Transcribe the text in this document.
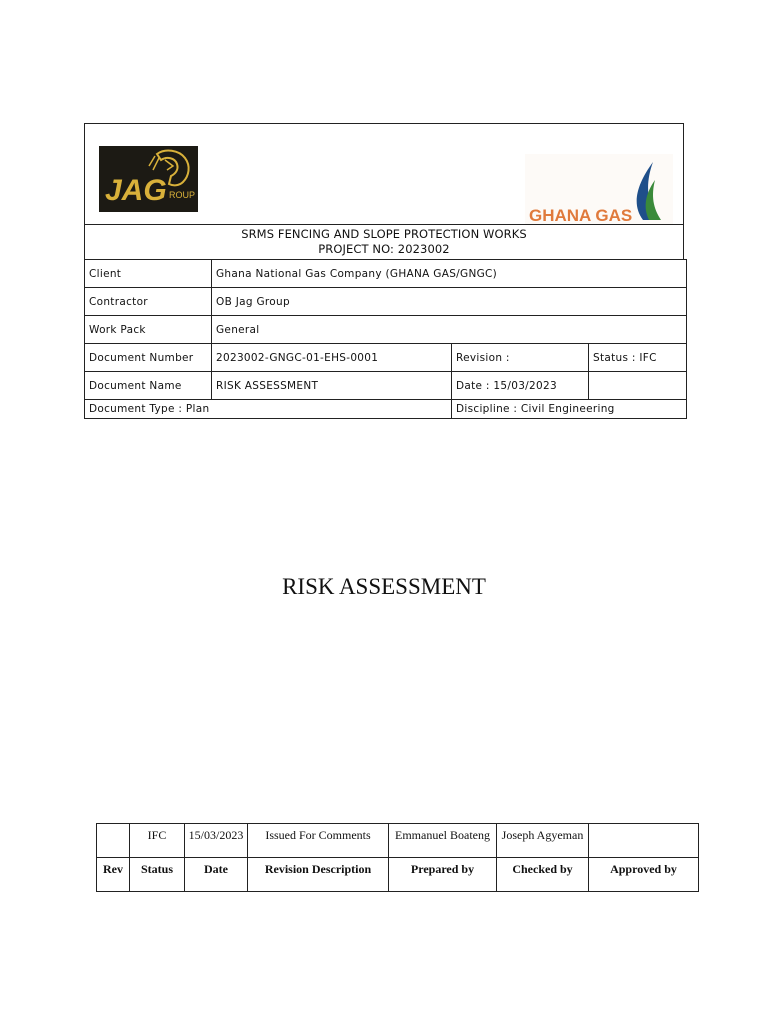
JAG ROUP
GHANA GAS
SRMS FENCING AND SLOPE PROTECTION WORKS
PROJECT NO: 2023002
Client	Ghana National Gas Company (GHANA GAS/GNGC)		
Contractor	OB Jag Group		
Work Pack	General		
Document Number	2023002-GNGC-01-EHS-0001	Revision :	Status : IFC
Document Name	RISK ASSESSMENT	Date : 15/03/2023	
Document Type : Plan		Discipline : Civil Engineering	
RISK ASSESSMENT
	IFC	15/03/2023	Issued For Comments	Emmanuel Boateng	Joseph Agyeman	
Rev	Status	Date	Revision Description	Prepared by	Checked by	Approved by
